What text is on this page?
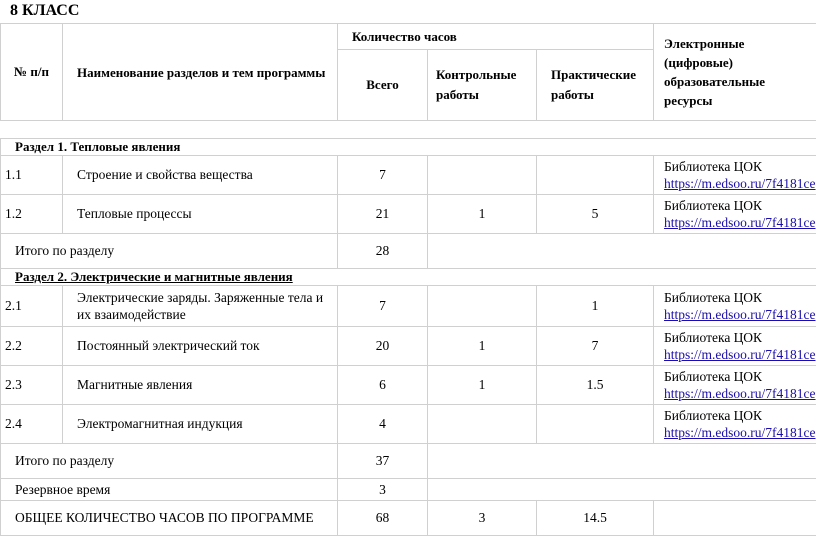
8 КЛАСС
№ п/п	Наименование разделов и тем программы	Количество часов			Электронные (цифровые) образовательные ресурсы
		Всего	Контрольные работы	Практические работы	

Раздел 1. Тепловые явления					
1.1	Строение и свойства вещества	7			Библиотека ЦОК
https://m.edsoo.ru/7f4181ce

1.2	Тепловые процессы	21	1	5	Библиотека ЦОК
https://m.edsoo.ru/7f4181ce

Итого по разделу		28			
Раздел 2. Электрические и магнитные явления					
2.1	Электрические заряды. Заряженные тела и их взаимодействие	7		1	Библиотека ЦОК
https://m.edsoo.ru/7f4181ce

2.2	Постоянный электрический ток	20	1	7	Библиотека ЦОК
https://m.edsoo.ru/7f4181ce

2.3	Магнитные явления	6	1	1.5	Библиотека ЦОК
https://m.edsoo.ru/7f4181ce

2.4	Электромагнитная индукция	4			Библиотека ЦОК
https://m.edsoo.ru/7f4181ce

Итого по разделу		37			
Резервное время		3			
ОБЩЕЕ КОЛИЧЕСТВО ЧАСОВ ПО ПРОГРАММЕ		68	3	14.5	
